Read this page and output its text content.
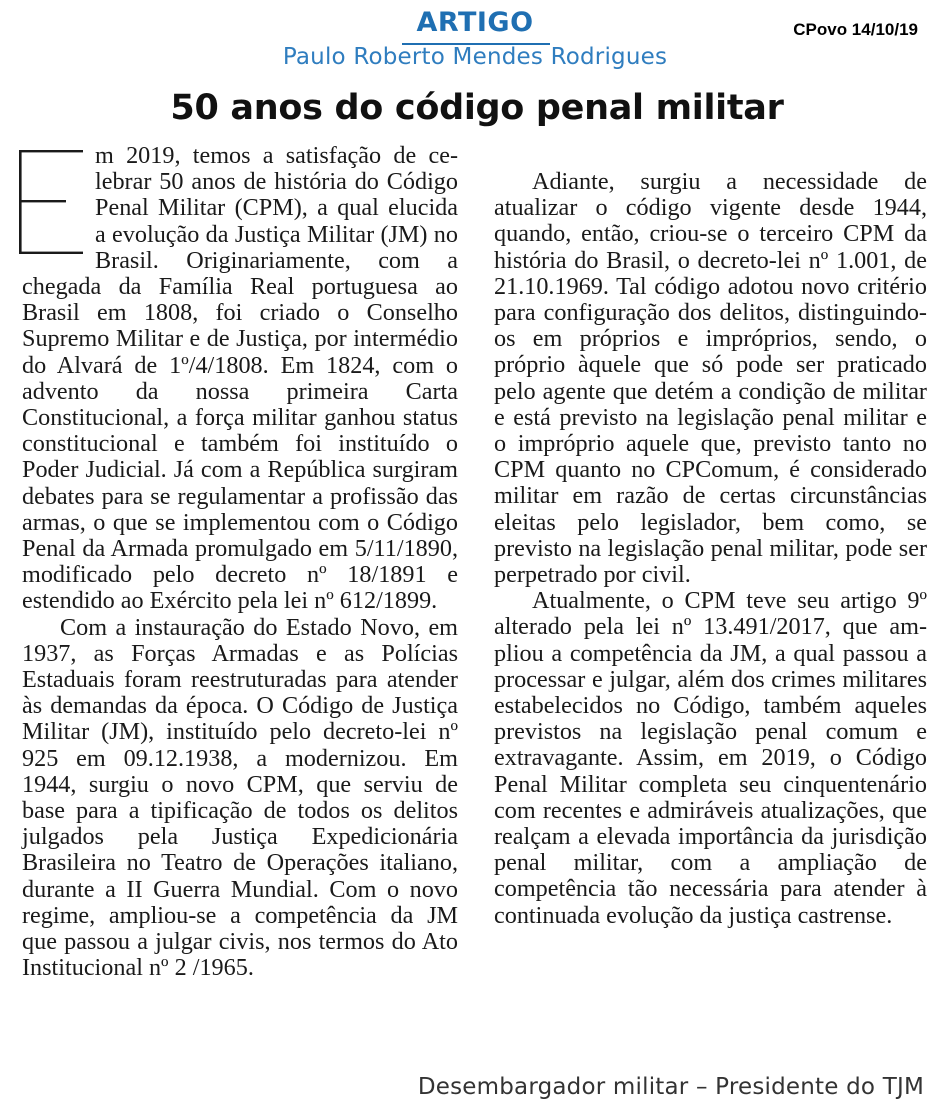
ARTIGO	CPovo 14/10/19
Paulo Roberto Mendes Rodrigues
50 anos do código penal militar

m 2019, temos a satisfação de celebrar 50 anos de história do Código Penal Militar (CPM), a qual elucida a evolução da Justiça Militar (JM) no Brasil. Originariamente, com a chegada da Família Real portuguesa ao Brasil em 1808, foi criado o Conselho Supremo Militar e de Justiça, por intermédio do Alvará de 1º/4/1808. Em 1824, com o advento da nossa primeira Carta Constitucional, a força militar ganhou status constitucional e também foi instituído o Poder Judicial. Já com a República surgiram debates para se regulamentar a profissão das armas, o que se implementou com o Código Penal da Armada promulgado em 5/11/1890, modificado pelo decreto nº 18/1891 e estendido ao Exército pela lei nº 612/1899.

Com a instauração do Estado Novo, em 1937, as Forças Armadas e as Polícias Estaduais foram reestruturadas para atender às demandas da época. O Código de Justiça Militar (JM), instituído pelo decreto-lei nº 925 em 09.12.1938, a modernizou. Em 1944, surgiu o novo CPM, que serviu de base para a tipificação de todos os delitos julgados pela Justiça Expedicionária Brasileira no Teatro de Operações italiano, durante a II Guerra Mundial. Com o novo regime, ampliou-se a competência da JM que passou a julgar civis, nos termos do Ato Institucional nº 2 /1965.

Adiante, surgiu a necessidade de atualizar o código vigente desde 1944, quando, então, criou-se o terceiro CPM da história do Brasil, o decreto-lei nº 1.001, de 21.10.1969. Tal código adotou novo critério para configuração dos delitos, distinguindo-os em próprios e impróprios, sendo, o próprio àquele que só pode ser praticado pelo agente que detém a condição de militar e está previsto na legislação penal militar e o impróprio aquele que, previsto tanto no CPM quanto no CPComum, é considerado militar em razão de certas circunstâncias eleitas pelo legislador, bem como, se previsto na legislação penal militar, pode ser perpetrado por civil.

Atualmente, o CPM teve seu artigo 9º alterado pela lei nº 13.491/2017, que ampliou a competência da JM, a qual passou a processar e julgar, além dos crimes militares estabelecidos no Código, também aqueles previstos na legislação penal comum e extravagante. Assim, em 2019, o Código Penal Militar completa seu cinquentenário com recentes e admiráveis atualizações, que realçam a elevada importância da jurisdição penal militar, com a ampliação de competência tão necessária para atender à continuada evolução da justiça castrense.

Desembargador militar – Presidente do TJM
